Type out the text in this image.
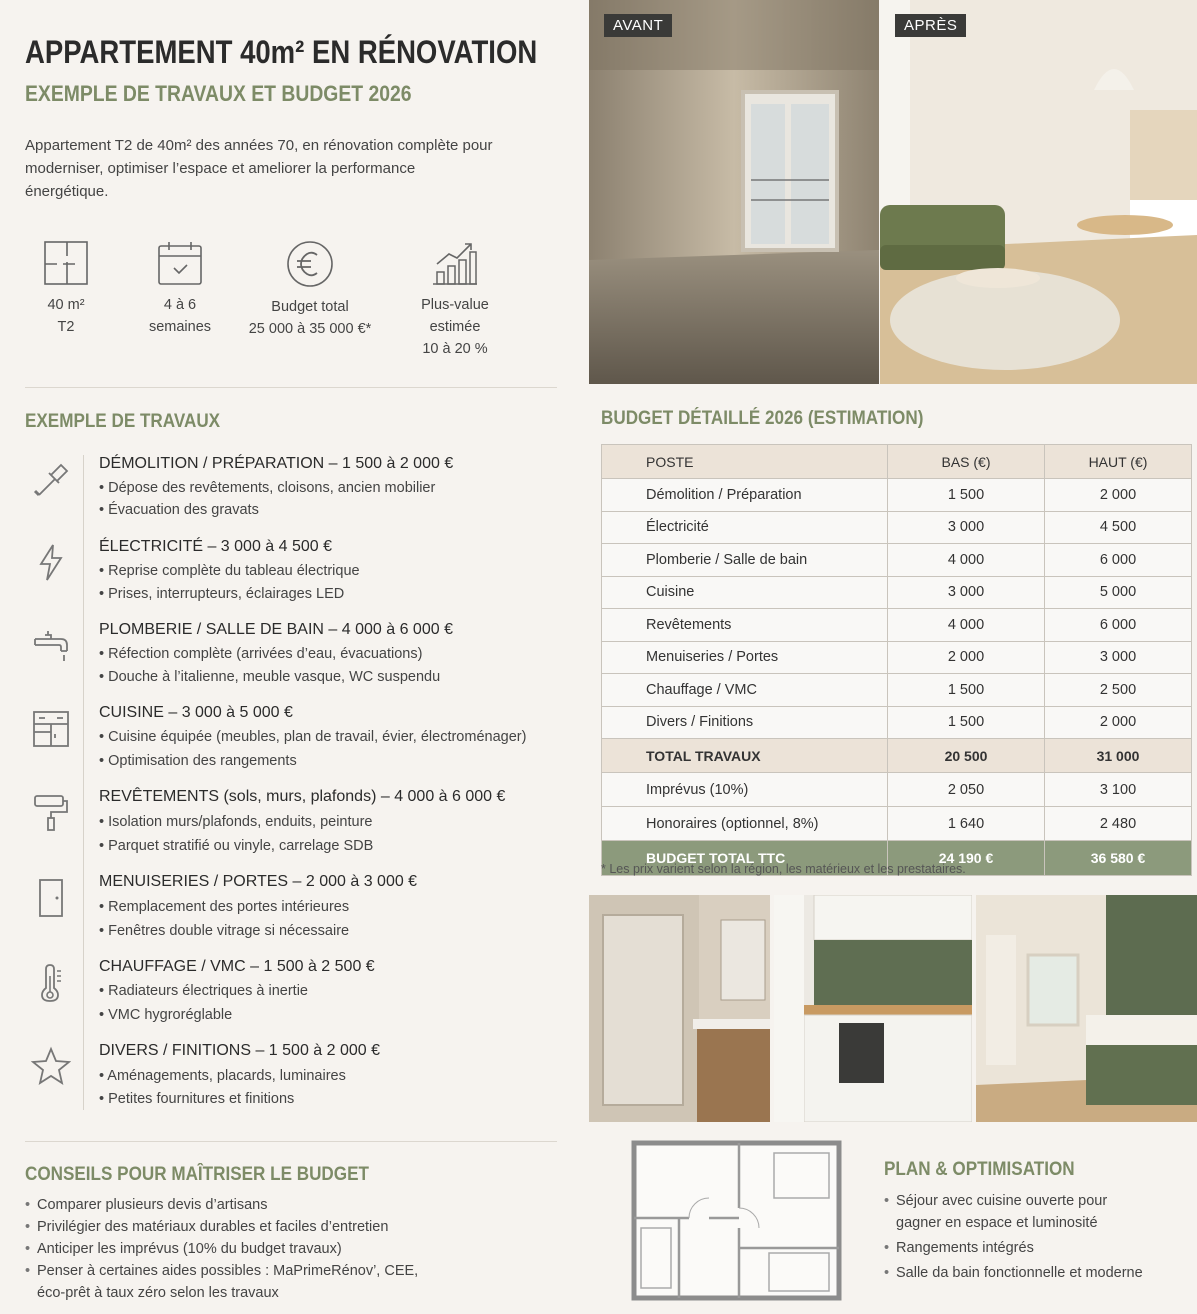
APPARTEMENT 40m² EN RÉNOVATION
EXEMPLE DE TRAVAUX ET BUDGET 2026
Appartement T2 de 40m² des années 70, en rénovation complète pour moderniser, optimiser l’espace et ameliorer la performance énergétique.
40 m²
T2
4 à 6
semaines
Budget total
25 000 à 35 000 €*
Plus-value
estimée
10 à 20 %
EXEMPLE DE TRAVAUX
DÉMOLITION / PRÉPARATION – 1 500 à 2 000 €
• Dépose des revêtements, cloisons, ancien mobilier
• Évacuation des gravats
ÉLECTRICITÉ – 3 000 à 4 500 €
• Reprise complète du tableau électrique
• Prises, interrupteurs, éclairages LED
PLOMBERIE / SALLE DE BAIN – 4 000 à 6 000 €
• Réfection complète (arrivées d’eau, évacuations)
• Douche à l’italienne, meuble vasque, WC suspendu
CUISINE – 3 000 à 5 000 €
• Cuisine équipée (meubles, plan de travail, évier, électroménager)
• Optimisation des rangements
REVÊTEMENTS (sols, murs, plafonds) – 4 000 à 6 000 €
• Isolation murs/plafonds, enduits, peinture
• Parquet stratifié ou vinyle, carrelage SDB
MENUISERIES / PORTES – 2 000 à 3 000 €
• Remplacement des portes intérieures
• Fenêtres double vitrage si nécessaire
CHAUFFAGE / VMC – 1 500 à 2 500 €
• Radiateurs électriques à inertie
• VMC hygroréglable
DIVERS / FINITIONS – 1 500 à 2 000 €
• Aménagements, placards, luminaires
• Petites fournitures et finitions
CONSEILS POUR MAÎTRISER LE BUDGET
• Comparer plusieurs devis d’artisans
• Privilégier des matériaux durables et faciles d’entretien
• Anticiper les imprévus (10% du budget travaux)
• Penser à certaines aides possibles : MaPrimeRénov’, CEE,
éco-prêt à taux zéro selon les travaux
AVANT	APRÈS
BUDGET DÉTAILLÉ 2026 (ESTIMATION)
POSTE	BAS (€)	HAUT (€)
Démolition / Préparation	1 500	2 000
Électricité	3 000	4 500
Plomberie / Salle de bain	4 000	6 000
Cuisine	3 000	5 000
Revêtements	4 000	6 000
Menuiseries / Portes	2 000	3 000
Chauffage / VMC	1 500	2 500
Divers / Finitions	1 500	2 000
TOTAL TRAVAUX	20 500	31 000
Imprévus (10%)	2 050	3 100
Honoraires (optionnel, 8%)	1 640	2 480
BUDGET TOTAL TTC	24 190 €	36 580 €
* Les prix varient selon la région, les matérieux et les prestataires.
PLAN & OPTIMISATION
• Séjour avec cuisine ouverte pour
gagner en espace et luminosité
• Rangements intégrés
• Salle da bain fonctionnelle et moderne
